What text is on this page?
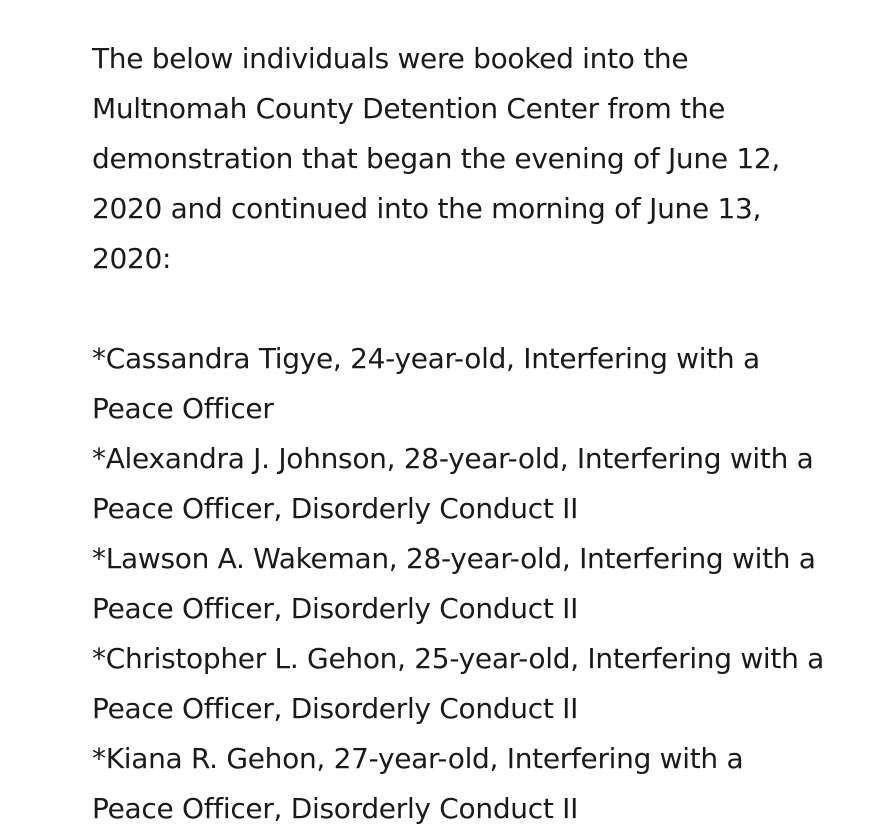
The below individuals were booked into the Multnomah County Detention Center from the demonstration that began the evening of June 12, 2020 and continued into the morning of June 13, 2020:

*Cassandra Tigye, 24-year-old, Interfering with a Peace Officer

*Alexandra J. Johnson, 28-year-old, Interfering with a Peace Officer, Disorderly Conduct II

*Lawson A. Wakeman, 28-year-old, Interfering with a Peace Officer, Disorderly Conduct II

*Christopher L. Gehon, 25-year-old, Interfering with a Peace Officer, Disorderly Conduct II

*Kiana R. Gehon, 27-year-old, Interfering with a Peace Officer, Disorderly Conduct II
